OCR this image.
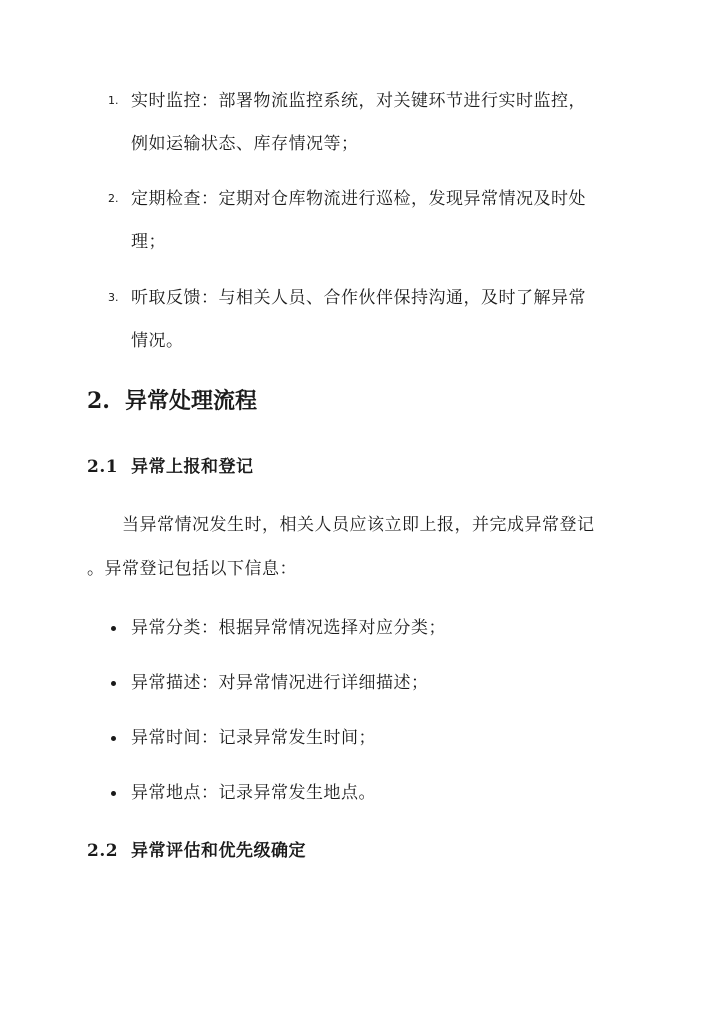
1. 实时监控：部署物流监控系统，对关键环节进行实时监控，
例如运输状态、库存情况等；
2. 定期检查：定期对仓库物流进行巡检，发现异常情况及时处
理；
3. 听取反馈：与相关人员、合作伙伴保持沟通，及时了解异常
情况。
2. 异常处理流程
2.1 异常上报和登记
当异常情况发生时，相关人员应该立即上报，并完成异常登记
。异常登记包括以下信息：
异常分类：根据异常情况选择对应分类；
异常描述：对异常情况进行详细描述；
异常时间：记录异常发生时间；
异常地点：记录异常发生地点。
2.2 异常评估和优先级确定
